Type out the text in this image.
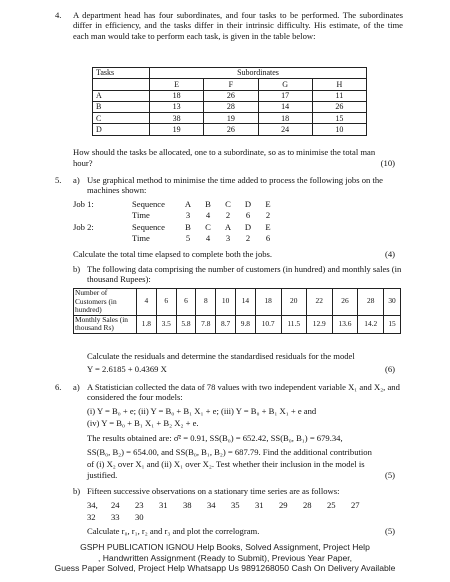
4. A department head has four subordinates, and four tasks to be performed. The subordinates differ in efficiency, and the tasks differ in their intrinsic difficulty. His estimate, of the time each man would take to perform each task, is given in the table below:
Tasks	Subordinates			
	E	F	G	H
A	18	26	17	11
B	13	28	14	26
C	38	19	18	15
D	19	26	24	10
How should the tasks be allocated, one to a subordinate, so as to minimise the total man
hour?	(10)
5. a) Use graphical method to minimise the time added to process the following jobs on the machines shown:
Job 1:	Sequence	A B C D E
Time	3 4 2 6 2
Job 2:	Sequence	B C A D E
Time	5 4 3 2 6
Calculate the total time elapsed to complete both the jobs.	(4)
b) The following data comprising the number of customers (in hundred) and monthly sales (in thousand Rupees):
Number of Customers (in hundred)	4	6	6	8	10	14	18	20	22	26	28	30
Monthly Sales (in thousand Rs)	1.8	3.5	5.8	7.8	8.7	9.8	10.7	11.5	12.9	13.6	14.2	15
Calculate the residuals and determine the standardised residuals for the model
Y = 2.6185 + 0.4369 X	(6)
6. a) A Statistician collected the data of 78 values with two independent variable X₁ and X₂, and considered the four models:
(i) Y = B₀ + e; (ii) Y = B₀ + B₁ X₁ + e; (iii) Y = B₀ + B₁ X₁ + e and
(iv) Y = B₀ + B₁ X₁ + B₂ X₂ + e.
The results obtained are: σ̂² = 0.91, SS(B₀) = 652.42, SS(B₀, B₁) = 679.34,
SS(B₀, B₂) = 654.00, and SS(B₀, B₁, B₂) = 687.79. Find the additional contribution
of (i) X₂ over X₁ and (ii) X₁ over X₂. Test whether their inclusion in the model is
justified.	(5)
b) Fifteen successive observations on a stationary time series are as follows:
34, 24 23 31 38 34 35 31 29 28 25 27
32 33 30
Calculate r₀, r₁, r₂ and r₃ and plot the correlogram.	(5)
GSPH PUBLICATION IGNOU Help Books, Solved Assignment, Project Help
, Handwritten Assignment (Ready to Submit), Previous Year Paper,
Guess Paper Solved, Project Help Whatsapp Us 9891268050 Cash On Delivery Available
